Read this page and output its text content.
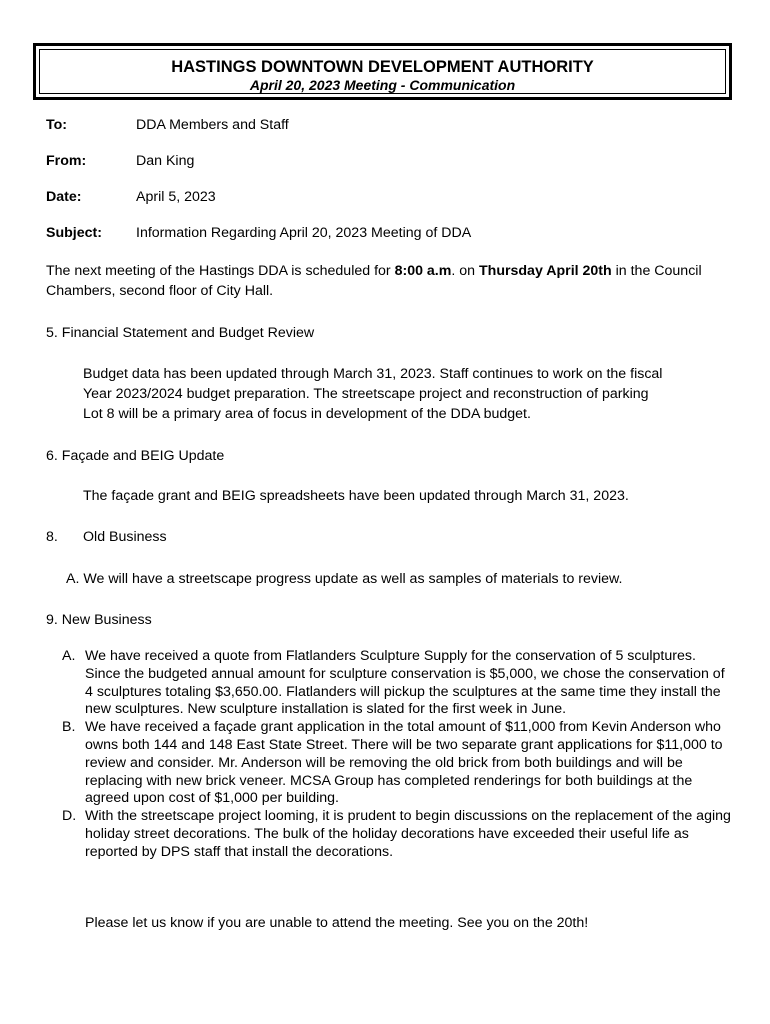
HASTINGS DOWNTOWN DEVELOPMENT AUTHORITY
April 20, 2023 Meeting - Communication
To:	DDA Members and Staff
From:	Dan King
Date:	April 5, 2023
Subject: Information Regarding April 20, 2023 Meeting of DDA
The next meeting of the Hastings DDA is scheduled for 8:00 a.m. on Thursday April 20th in the Council Chambers, second floor of City Hall.
5. Financial Statement and Budget Review
Budget data has been updated through March 31, 2023. Staff continues to work on the fiscal
Year 2023/2024 budget preparation. The streetscape project and reconstruction of parking
Lot 8 will be a primary area of focus in development of the DDA budget.
6. Façade and BEIG Update
The façade grant and BEIG spreadsheets have been updated through March 31, 2023.
8. Old Business
A. We will have a streetscape progress update as well as samples of materials to review.
9. New Business
A. We have received a quote from Flatlanders Sculpture Supply for the conservation of 5 sculptures. Since the budgeted annual amount for sculpture conservation is $5,000, we chose the conservation of 4 sculptures totaling $3,650.00. Flatlanders will pickup the sculptures at the same time they install the new sculptures. New sculpture installation is slated for the first week in June.
B. We have received a façade grant application in the total amount of $11,000 from Kevin Anderson who owns both 144 and 148 East State Street. There will be two separate grant applications for $11,000 to review and consider. Mr. Anderson will be removing the old brick from both buildings and will be replacing with new brick veneer. MCSA Group has completed renderings for both buildings at the agreed upon cost of $1,000 per building.
D. With the streetscape project looming, it is prudent to begin discussions on the replacement of the aging holiday street decorations. The bulk of the holiday decorations have exceeded their useful life as reported by DPS staff that install the decorations.
Please let us know if you are unable to attend the meeting. See you on the 20th!
